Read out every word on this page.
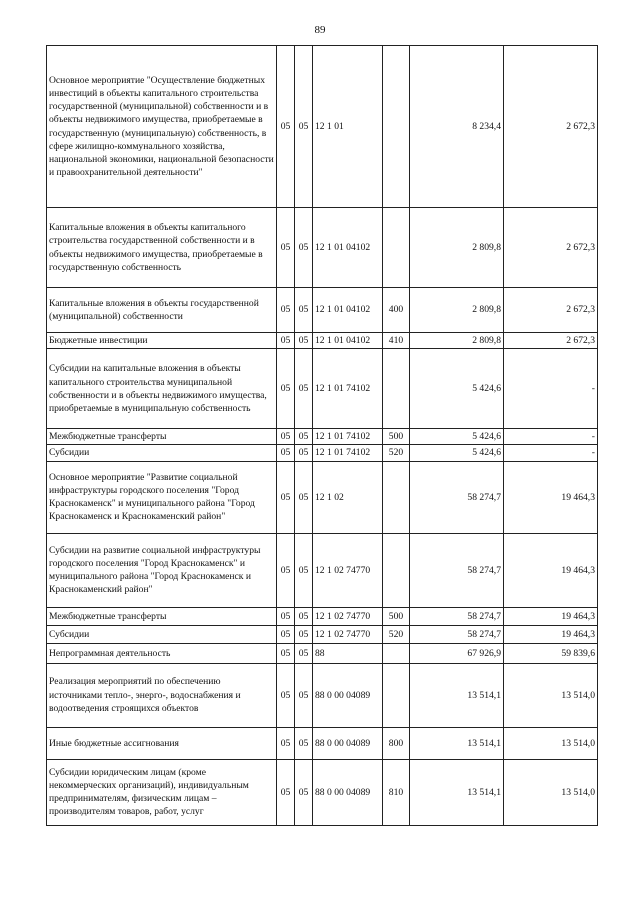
89
Основное мероприятие "Осуществление бюджетных инвестиций в объекты капитального строительства государственной (муниципальной) собственности и в объекты недвижимого имущества, приобретаемые в государственную (муниципальную) собственность, в сфере жилищно-коммунального хозяйства, национальной экономики, национальной безопасности и правоохранительной деятельности"	05	05	12 1 01		8 234,4	2 672,3
Капитальные вложения в объекты капитального строительства государственной собственности и в объекты недвижимого имущества, приобретаемые в государственную собственность	05	05	12 1 01 04102		2 809,8	2 672,3
Капитальные вложения в объекты государственной (муниципальной) собственности	05	05	12 1 01 04102	400	2 809,8	2 672,3
Бюджетные инвестиции	05	05	12 1 01 04102	410	2 809,8	2 672,3
Субсидии на капитальные вложения в объекты капитального строительства муниципальной собственности и в объекты недвижимого имущества, приобретаемые в муниципальную собственность	05	05	12 1 01 74102		5 424,6	-
Межбюджетные трансферты	05	05	12 1 01 74102	500	5 424,6	-
Субсидии	05	05	12 1 01 74102	520	5 424,6	-
Основное мероприятие "Развитие социальной инфраструктуры городского поселения "Город Краснокаменск" и муниципального района "Город Краснокаменск и Краснокаменский район"	05	05	12 1 02		58 274,7	19 464,3
Субсидии на развитие социальной инфраструктуры городского поселения "Город Краснокаменск" и муниципального района "Город Краснокаменск и Краснокаменский район"	05	05	12 1 02 74770		58 274,7	19 464,3
Межбюджетные трансферты	05	05	12 1 02 74770	500	58 274,7	19 464,3
Субсидии	05	05	12 1 02 74770	520	58 274,7	19 464,3
Непрограммная деятельность	05	05	88		67 926,9	59 839,6
Реализация мероприятий по обеспечению источниками тепло-, энерго-, водоснабжения и водоотведения строящихся объектов	05	05	88 0 00 04089		13 514,1	13 514,0
Иные бюджетные ассигнования	05	05	88 0 00 04089	800	13 514,1	13 514,0
Субсидии юридическим лицам (кроме некоммерческих организаций), индивидуальным предпринимателям, физическим лицам – производителям товаров, работ, услуг	05	05	88 0 00 04089	810	13 514,1	13 514,0
